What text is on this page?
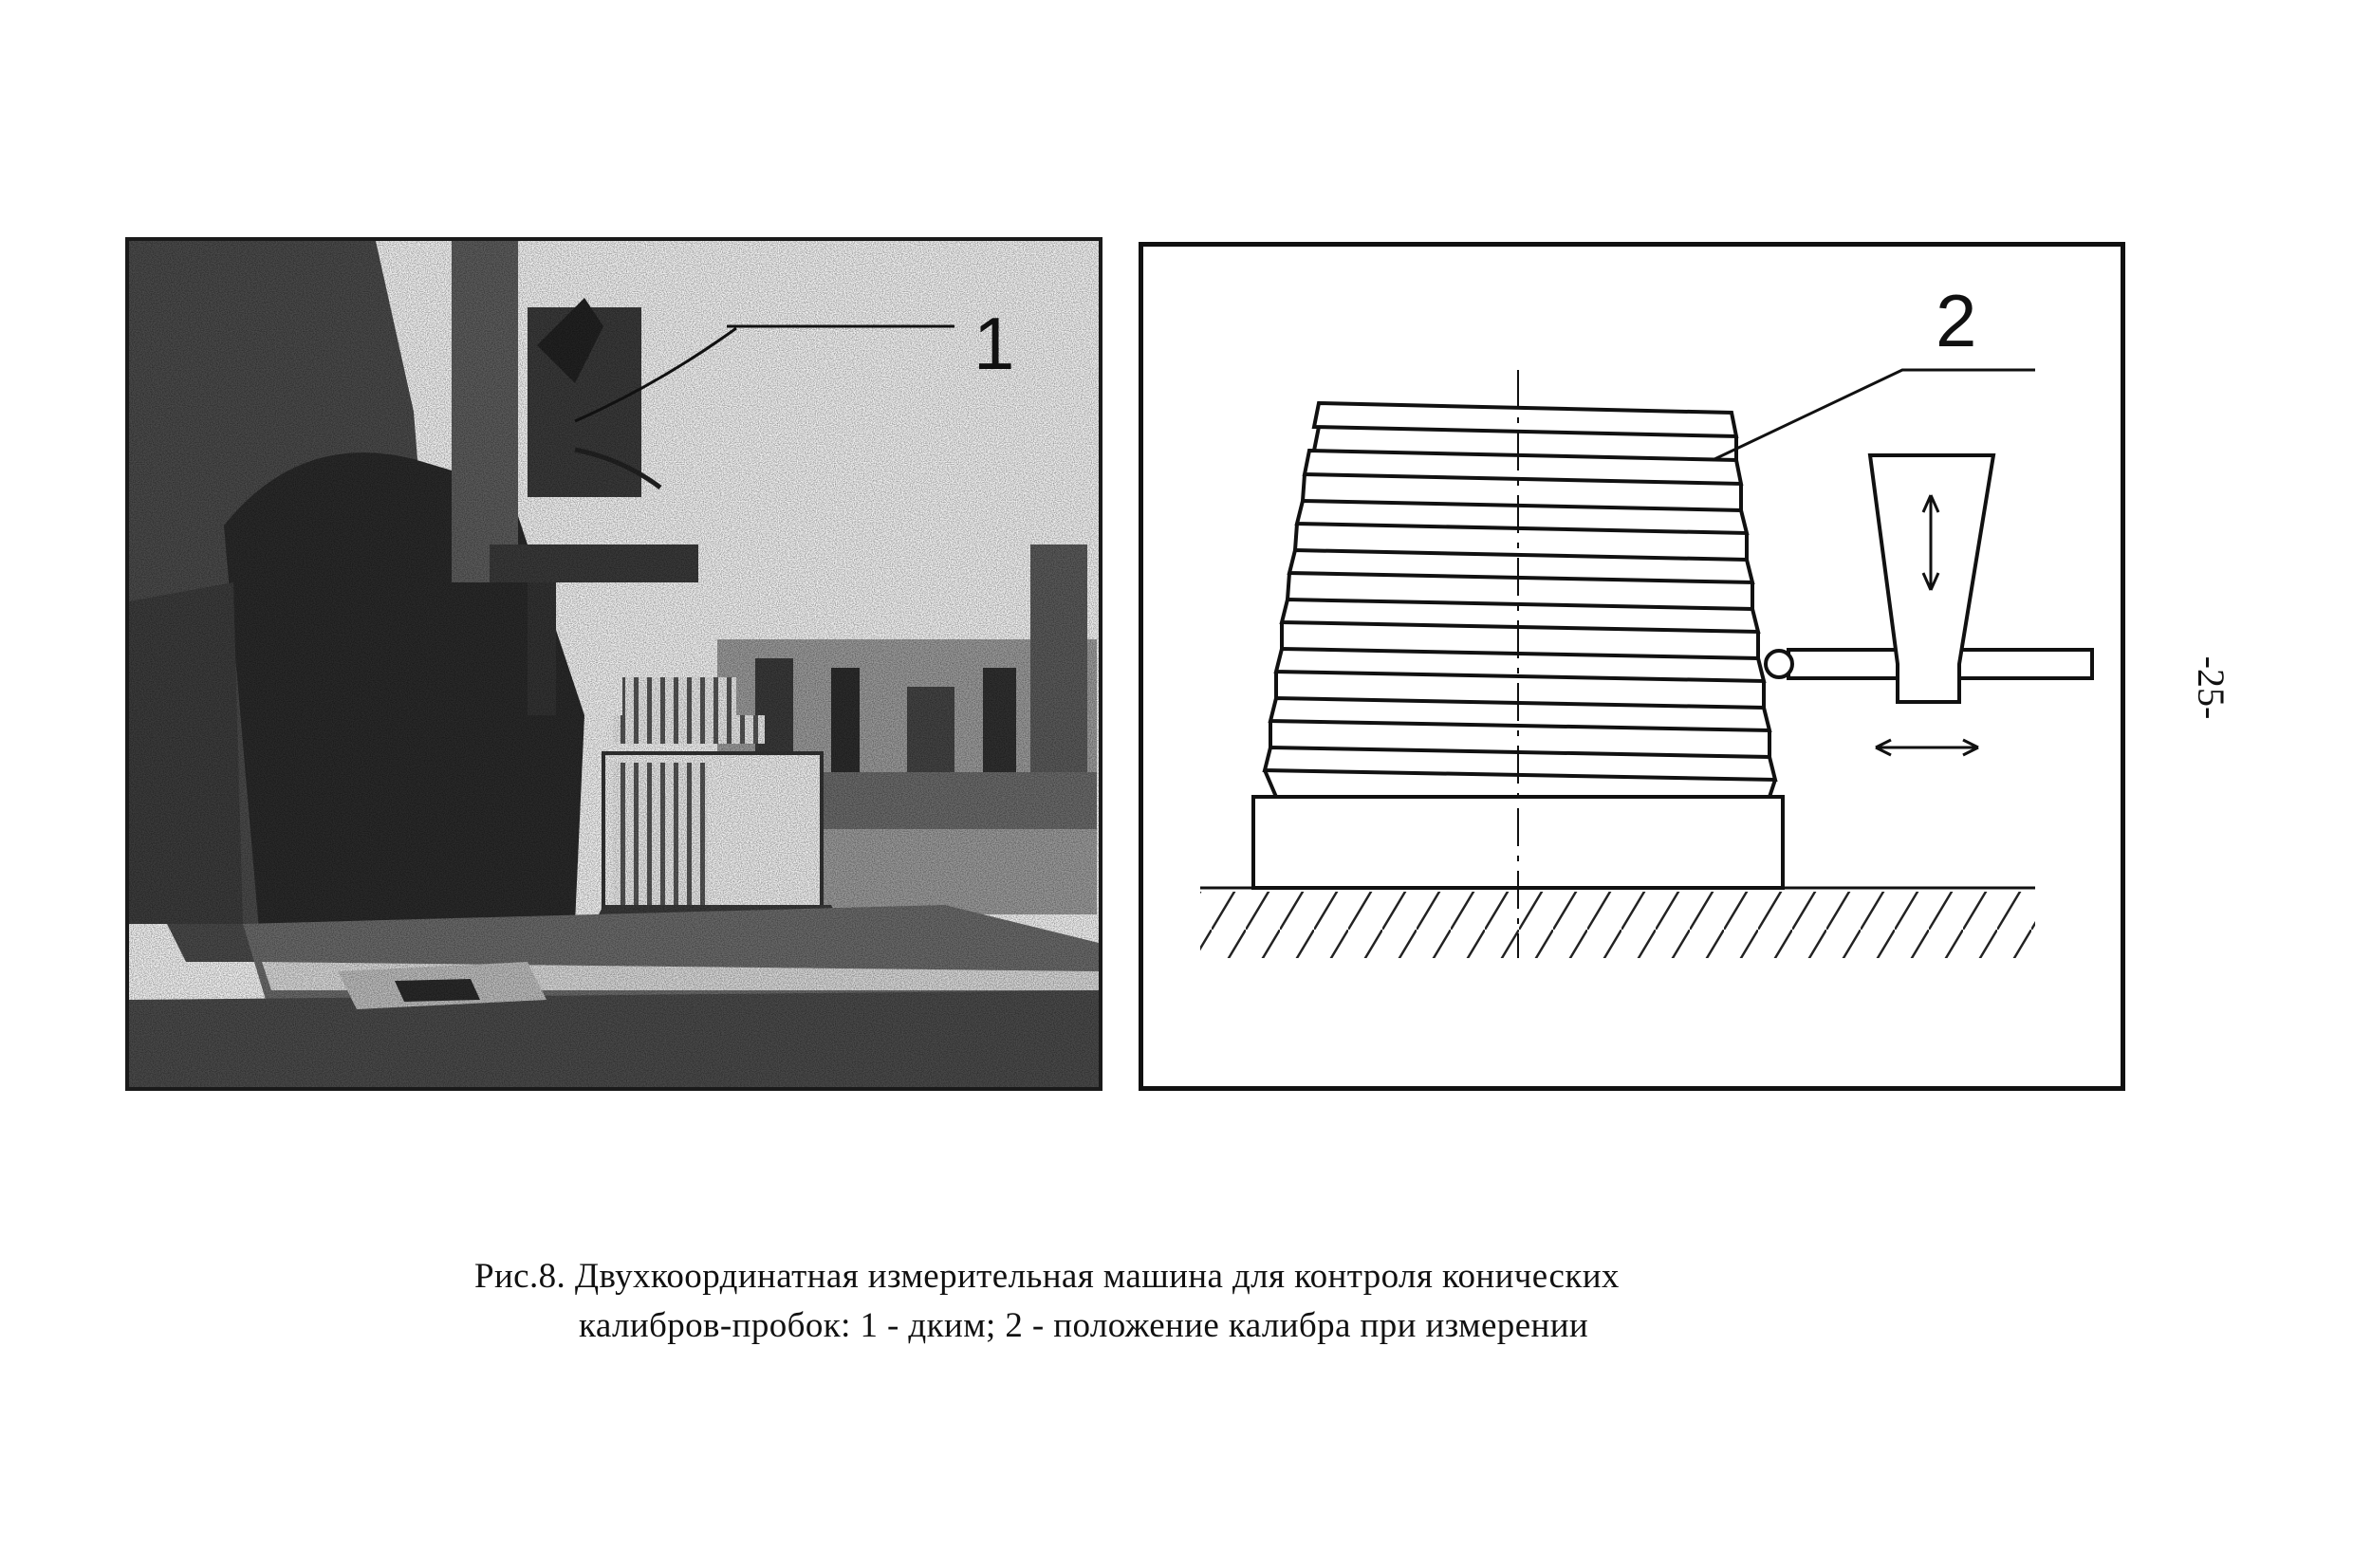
1	2
Рис.8. Двухкоординатная измерительная машина для контроля конических
калибров-пробок: 1 - дким; 2 - положение калибра при измерении
-25-
